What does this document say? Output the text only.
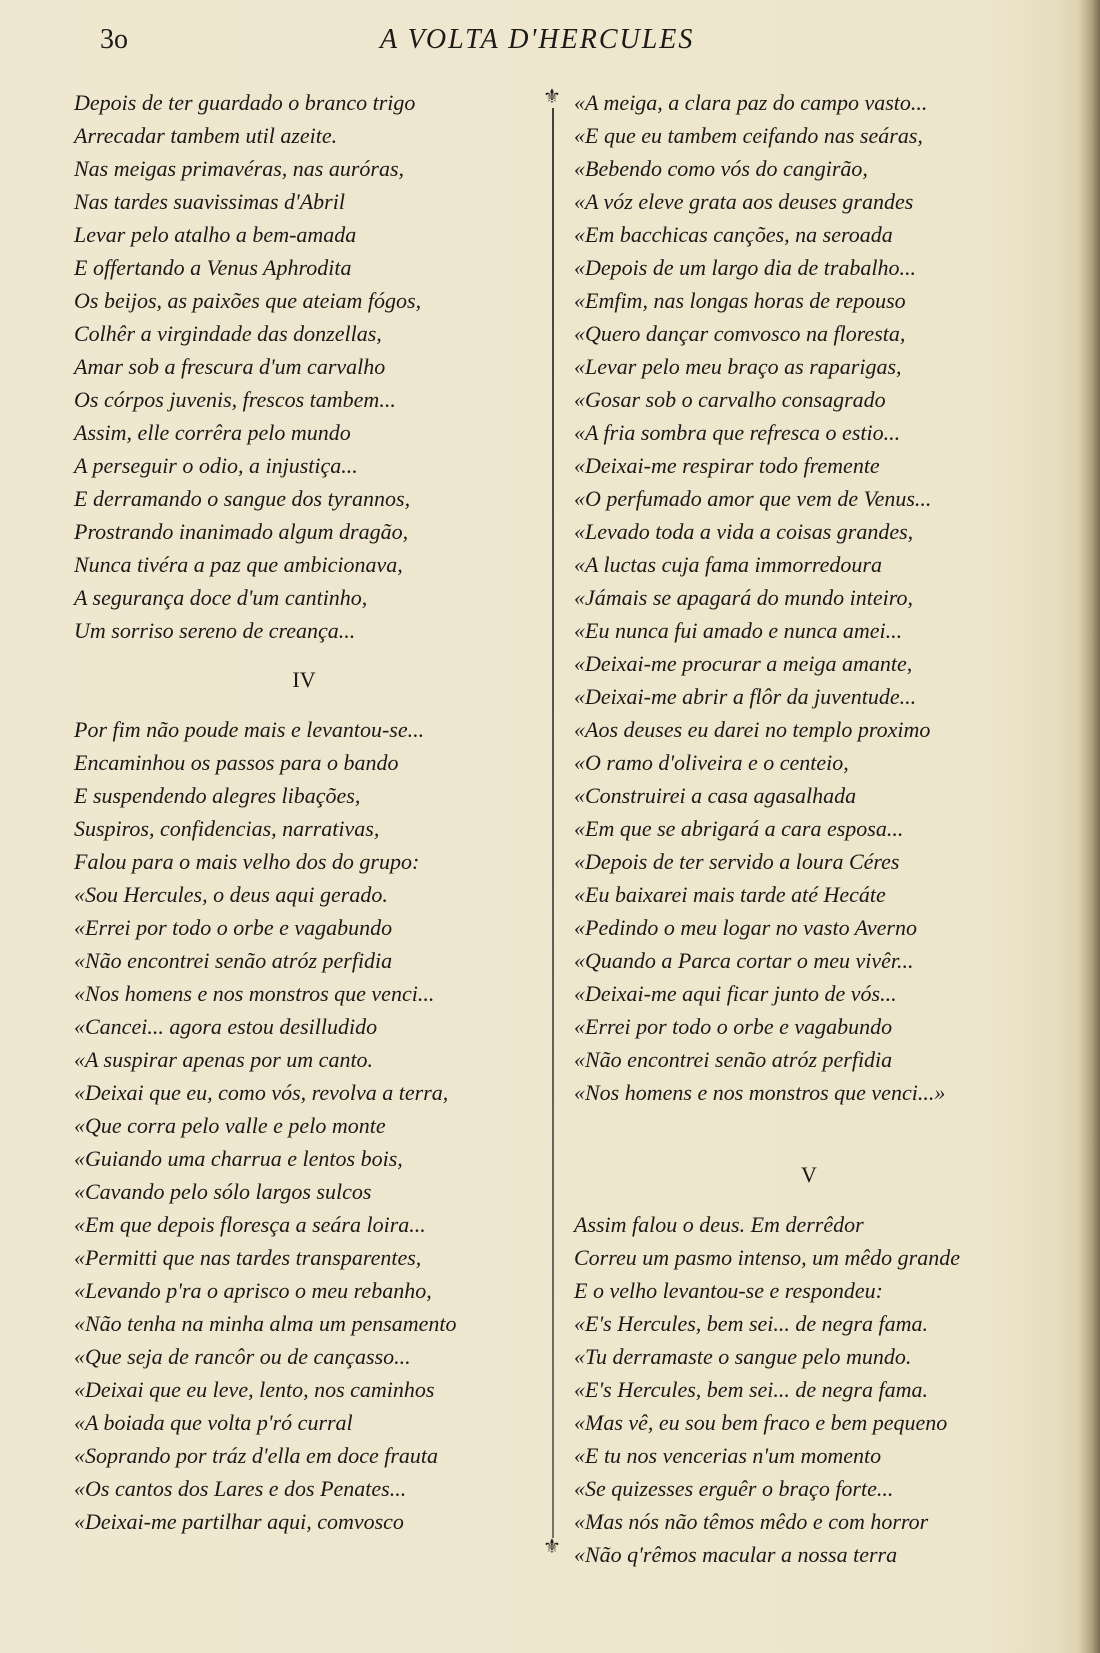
3o	A VOLTA D'HERCULES
⚜
⚜
Depois de ter guardado o branco trigo
Arrecadar tambem util azeite.
Nas meigas primavéras, nas auróras,
Nas tardes suavissimas d'Abril
Levar pelo atalho a bem-amada
E offertando a Venus Aphrodita
Os beijos, as paixões que ateiam fógos,
Colhêr a virgindade das donzellas,
Amar sob a frescura d'um carvalho
Os córpos juvenis, frescos tambem...
Assim, elle corrêra pelo mundo
A perseguir o odio, a injustiça...
E derramando o sangue dos tyrannos,
Prostrando inanimado algum dragão,
Nunca tivéra a paz que ambicionava,
A segurança doce d'um cantinho,
Um sorriso sereno de creança...
IV
Por fim não poude mais e levantou-se...
Encaminhou os passos para o bando
E suspendendo alegres libações,
Suspiros, confidencias, narrativas,
Falou para o mais velho dos do grupo:
«Sou Hercules, o deus aqui gerado.
«Errei por todo o orbe e vagabundo
«Não encontrei senão atróz perfidia
«Nos homens e nos monstros que venci...
«Cancei... agora estou desilludido
«A suspirar apenas por um canto.
«Deixai que eu, como vós, revolva a terra,
«Que corra pelo valle e pelo monte
«Guiando uma charrua e lentos bois,
«Cavando pelo sólo largos sulcos
«Em que depois floresça a seára loira...
«Permitti que nas tardes transparentes,
«Levando p'ra o aprisco o meu rebanho,
«Não tenha na minha alma um pensamento
«Que seja de rancôr ou de cançasso...
«Deixai que eu leve, lento, nos caminhos
«A boiada que volta p'ró curral
«Soprando por tráz d'ella em doce frauta
«Os cantos dos Lares e dos Penates...
«Deixai-me partilhar aqui, comvosco
«A meiga, a clara paz do campo vasto...
«E que eu tambem ceifando nas seáras,
«Bebendo como vós do cangirão,
«A vóz eleve grata aos deuses grandes
«Em bacchicas canções, na seroada
«Depois de um largo dia de trabalho...
«Emfim, nas longas horas de repouso
«Quero dançar comvosco na floresta,
«Levar pelo meu braço as raparigas,
«Gosar sob o carvalho consagrado
«A fria sombra que refresca o estio...
«Deixai-me respirar todo fremente
«O perfumado amor que vem de Venus...
«Levado toda a vida a coisas grandes,
«A luctas cuja fama immorredoura
«Jámais se apagará do mundo inteiro,
«Eu nunca fui amado e nunca amei...
«Deixai-me procurar a meiga amante,
«Deixai-me abrir a flôr da juventude...
«Aos deuses eu darei no templo proximo
«O ramo d'oliveira e o centeio,
«Construirei a casa agasalhada
«Em que se abrigará a cara esposa...
«Depois de ter servido a loura Céres
«Eu baixarei mais tarde até Hecáte
«Pedindo o meu logar no vasto Averno
«Quando a Parca cortar o meu vivêr...
«Deixai-me aqui ficar junto de vós...
«Errei por todo o orbe e vagabundo
«Não encontrei senão atróz perfidia
«Nos homens e nos monstros que venci...»
V
Assim falou o deus. Em derrêdor
Correu um pasmo intenso, um mêdo grande
E o velho levantou-se e respondeu:
«E's Hercules, bem sei... de negra fama.
«Tu derramaste o sangue pelo mundo.
«E's Hercules, bem sei... de negra fama.
«Mas vê, eu sou bem fraco e bem pequeno
«E tu nos vencerias n'um momento
«Se quizesses erguêr o braço forte...
«Mas nós não têmos mêdo e com horror
«Não q'rêmos macular a nossa terra
